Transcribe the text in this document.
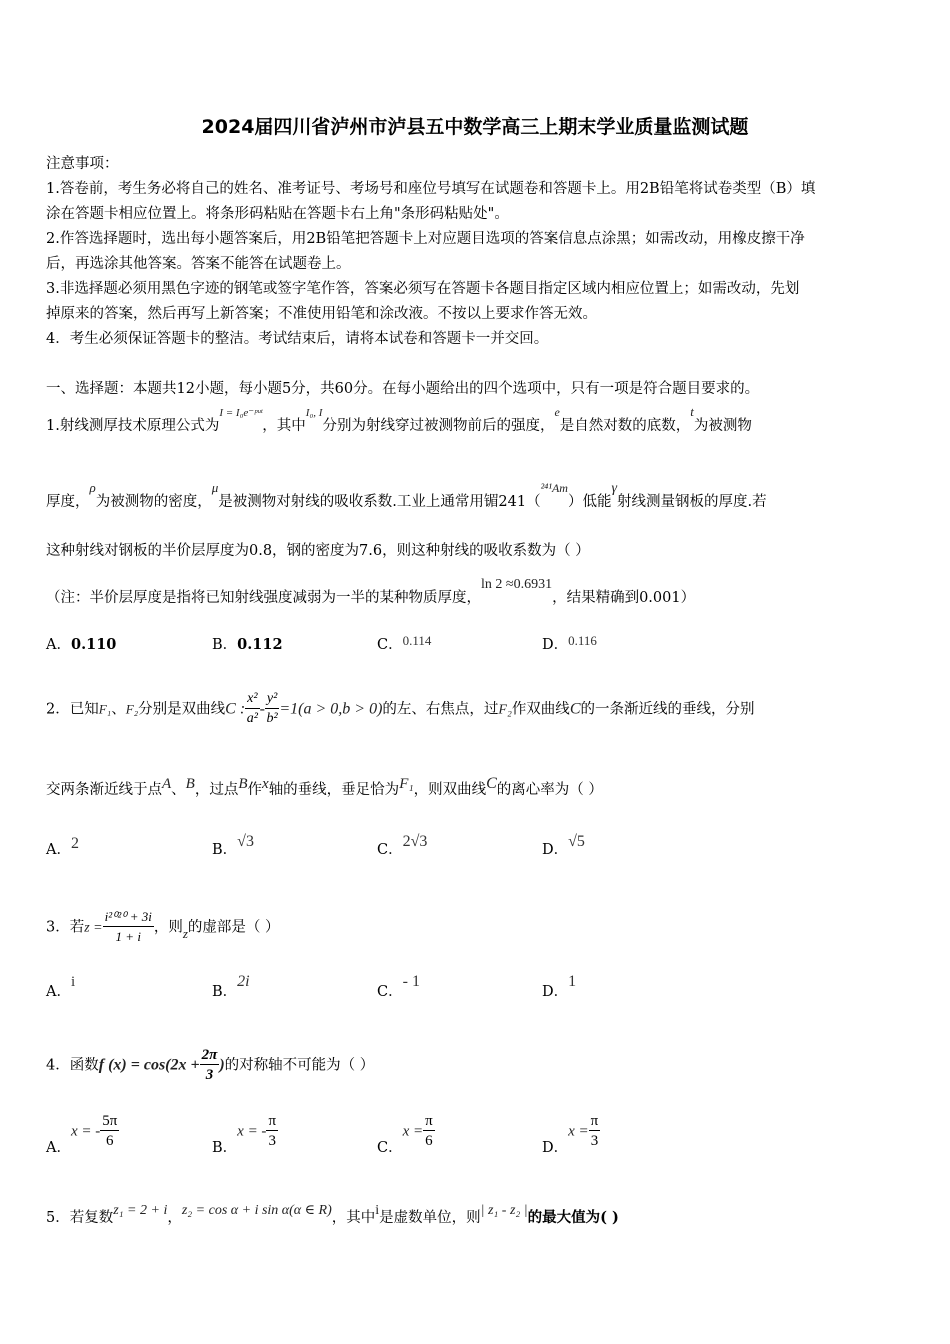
2024届四川省泸州市泸县五中数学高三上期末学业质量监测试题
注意事项：
1.答卷前，考生务必将自己的姓名、准考证号、考场号和座位号填写在试题卷和答题卡上。用2B铅笔将试卷类型（B）填
涂在答题卡相应位置上。将条形码粘贴在答题卡右上角"条形码粘贴处"。
2.作答选择题时，选出每小题答案后，用2B铅笔把答题卡上对应题目选项的答案信息点涂黑；如需改动，用橡皮擦干净
后，再选涂其他答案。答案不能答在试题卷上。
3.非选择题必须用黑色字迹的钢笔或签字笔作答，答案必须写在答题卡各题目指定区域内相应位置上；如需改动，先划
掉原来的答案，然后再写上新答案；不准使用铅笔和涂改液。不按以上要求作答无效。
4．考生必须保证答题卡的整洁。考试结束后，请将本试卷和答题卡一并交回。
一、选择题：本题共12小题，每小题5分，共60分。在每小题给出的四个选项中，只有一项是符合题目要求的。
1.射线测厚技术原理公式为$^{I = I_0e^-ᵖᵘᵗ}$，其中$^{I_0, I}$分别为射线穿过被测物前后的强度，$^e$是自然对数的底数，t为被测物
厚度，ρ为被测物的密度，μ是被测物对射线的吸收系数.工业上通常用镅241（$^{^{241}Am}$）低能γ射线测量钢板的厚度.若
这种射线对钢板的半价层厚度为0.8，钢的密度为7.6，则这种射线的吸收系数为（ ）
（注：半价层厚度是指将已知射线强度减弱为一半的某种物质厚度，ln 2 ≈0.6931，结果精确到0.001）
A．0.110	B．0.112	C．0.114	D．0.116
2．已知F₁、F₂分别是双曲线C : $\frac{\text{x²}}{\text{a²}} - \frac{\text{y²}}{\text{b²}} =1(a > 0,b > 0)$的左、右焦点，过F₂作双曲线C的一条渐近线的垂线，分别
交两条渐近线于点A、B，过点B作x轴的垂线，垂足恰为F₁，则双曲线C的离心率为（ ）
A．2	B．√3	C．2√3	D．√5
3．若$z = \frac{\text{i²⁰²⁰ + 3i}}{1 + i}$ ，则z的虚部是（ ）
A．i
B．2i
C．- 1
D．1
4．函数f $(x) = \cos(2x + \frac{2\pi}{3}$ )的对称轴不可能为（ ）
A．x = - $\frac{5\pi}{6}$	B．x = - $\frac{\pi}{3}$	C．$x = \frac{\pi}{6}$	D．$x = \frac{\pi}{3}$
5．若复数z₁ = 2 + i，z₂ = cos α + i sin α(α ∈ R)，其中i是虚数单位，则| z₁ - z₂ |的最大值为( )
